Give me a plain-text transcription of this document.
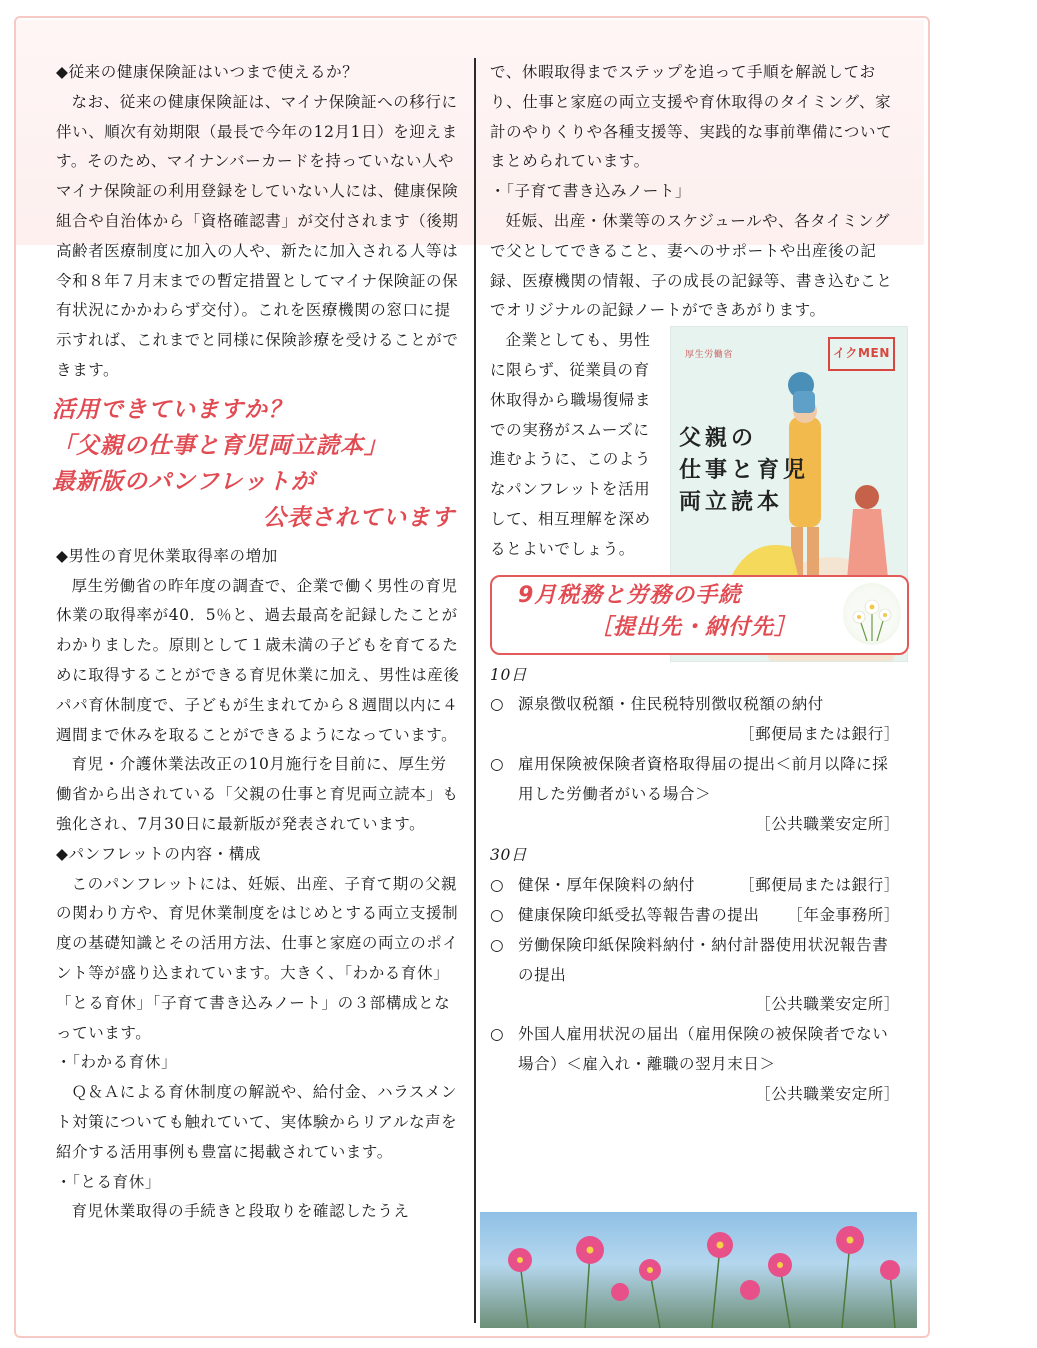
◆従来の健康保険証はいつまで使えるか？

なお、従来の健康保険証は、マイナ保険証への移行に伴い、順次有効期限（最長で今年の12月1日）を迎えます。そのため、マイナンバーカードを持っていない人やマイナ保険証の利用登録をしていない人には、健康保険組合や自治体から「資格確認書」が交付されます（後期高齢者医療制度に加入の人や、新たに加入される人等は令和８年７月末までの暫定措置としてマイナ保険証の保有状況にかかわらず交付）。これを医療機関の窓口に提示すれば、これまでと同様に保険診療を受けることができます。

活用できていますか？
「父親の仕事と育児両立読本」
最新版のパンフレットが
公表されています

◆男性の育児休業取得率の増加

厚生労働省の昨年度の調査で、企業で働く男性の育児休業の取得率が40．5％と、過去最高を記録したことがわかりました。原則として１歳未満の子どもを育てるために取得することができる育児休業に加え、男性は産後パパ育休制度で、子どもが生まれてから８週間以内に４週間まで休みを取ることができるようになっています。

育児・介護休業法改正の10月施行を目前に、厚生労働省から出されている「父親の仕事と育児両立読本」も強化され、7月30日に最新版が発表されています。

◆パンフレットの内容・構成

このパンフレットには、妊娠、出産、子育て期の父親の関わり方や、育児休業制度をはじめとする両立支援制度の基礎知識とその活用方法、仕事と家庭の両立のポイント等が盛り込まれています。大きく、「わかる育休」「とる育休」「子育て書き込みノート」の３部構成となっています。

・「わかる育休」

Ｑ＆Ａによる育休制度の解説や、給付金、ハラスメント対策についても触れていて、実体験からリアルな声を紹介する活用事例も豊富に掲載されています。

・「とる育休」

育児休業取得の手続きと段取りを確認したうえ

で、休暇取得までステップを追って手順を解説しており、仕事と家庭の両立支援や育休取得のタイミング、家計のやりくりや各種支援等、実践的な事前準備についてまとめられています。

・「子育て書き込みノート」

妊娠、出産・休業等のスケジュールや、各タイミングで父としてできること、妻へのサポートや出産後の記録、医療機関の情報、子の成長の記録等、書き込むことでオリジナルの記録ノートができあがります。

厚生労働省	イクMEN
父親の
仕事と育児
両立読本

企業としても、男性に限らず、従業員の育休取得から職場復帰までの実務がスムーズに進むように、このようなパンフレットを活用して、相互理解を深めるとよいでしょう。

9月税務と労務の手続
［提出先・納付先］

10日

○ 源泉徴収税額・住民税特別徴収税額の納付

［郵便局または銀行］

○ 雇用保険被保険者資格取得届の提出＜前月以降に採用した労働者がいる場合＞

［公共職業安定所］

30日

○ 健保・厚年保険料の納付	［郵便局または銀行］
○ 健康保険印紙受払等報告書の提出 ［年金事務所］
○ 労働保険印紙保険料納付・納付計器使用状況報告書の提出

［公共職業安定所］

○ 外国人雇用状況の届出（雇用保険の被保険者でない場合）＜雇入れ・離職の翌月末日＞

［公共職業安定所］
